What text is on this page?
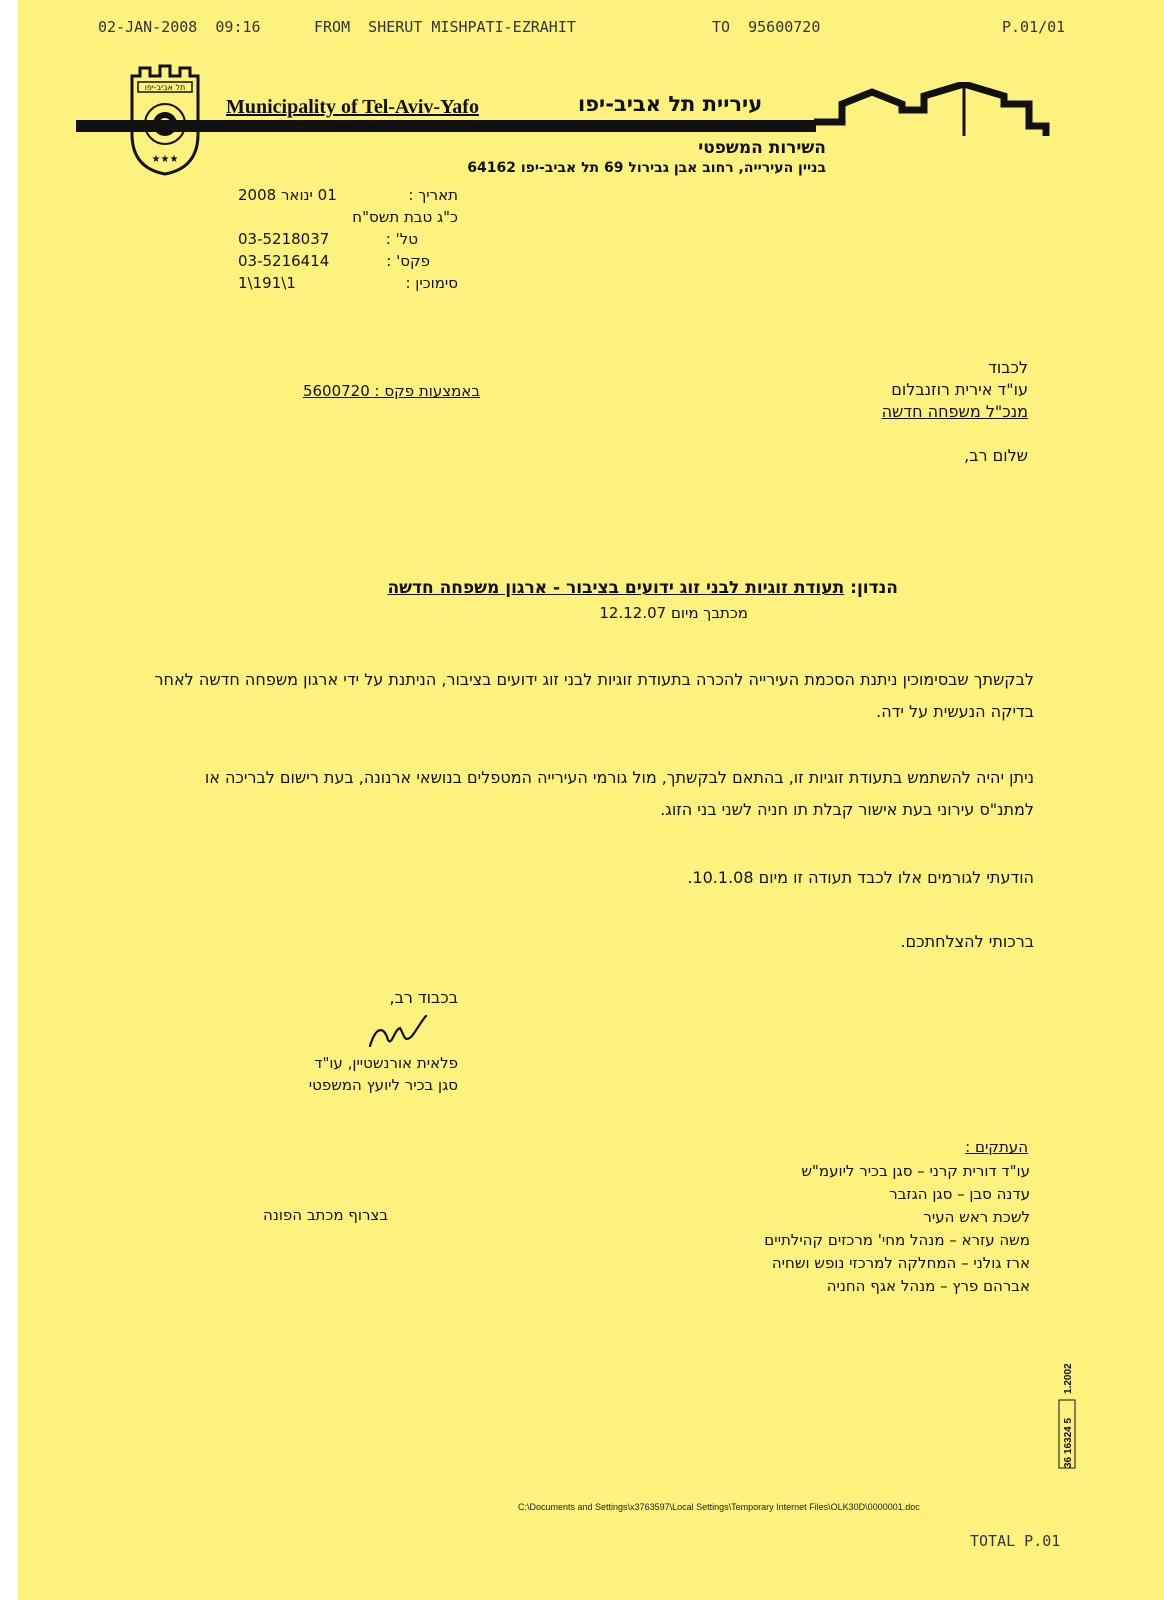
02-JAN-2008  09:16	FROM  SHERUT MISHPATI-EZRAHIT	TO  95600720	P.01/01
תל אביב-יפו
★★★
Municipality of Tel-Aviv-Yafo	עיריית תל אביב-יפו
השירות המשפטי
בניין העירייה, רחוב אבן גבירול 69 תל אביב-יפו 64162
תאריך :
01 ינואר 2008
כ"ג טבת תשס"ח
טל' :
03-5218037
פקס' :
03-5216414
סימוכין :
1\191\1
לכבוד
עו"ד אירית רוזנבלום
מנכ"ל משפחה חדשה
באמצעות פקס : 5600720
שלום רב,
הנדון: תעודת זוגיות לבני זוג ידועים בציבור - ארגון משפחה חדשה
מכתבך מיום 12.12.07
לבקשתך שבסימוכין ניתנת הסכמת העירייה להכרה בתעודת זוגיות לבני זוג ידועים בציבור, הניתנת על ידי ארגון משפחה חדשה לאחר בדיקה הנעשית על ידה.
ניתן יהיה להשתמש בתעודת זוגיות זו, בהתאם לבקשתך, מול גורמי העירייה המטפלים בנושאי ארנונה, בעת רישום לבריכה או למתנ"ס עירוני בעת אישור קבלת תו חניה לשני בני הזוג.
הודעתי לגורמים אלו לכבד תעודה זו מיום 10.1.08.
ברכותי להצלחתכם.
בכבוד רב,
פלאית אורנשטיין, עו"ד
סגן בכיר ליועץ המשפטי
העתקים :
עו"ד דורית קרני – סגן בכיר ליועמ"ש
עדנה סבן – סגן הגזבר
לשכת ראש העיר
משה עזרא – מנהל מחי' מרכזים קהילתיים
ארז גולני – המחלקה למרכזי נופש ושחיה
אברהם פרץ – מנהל אגף החניה
בצרוף מכתב הפונה
36 16324 5
1.2002
C:\Documents and Settings\x3763597\Local Settings\Temporary Internet Files\OLK30D\0000001.doc
TOTAL P.01
